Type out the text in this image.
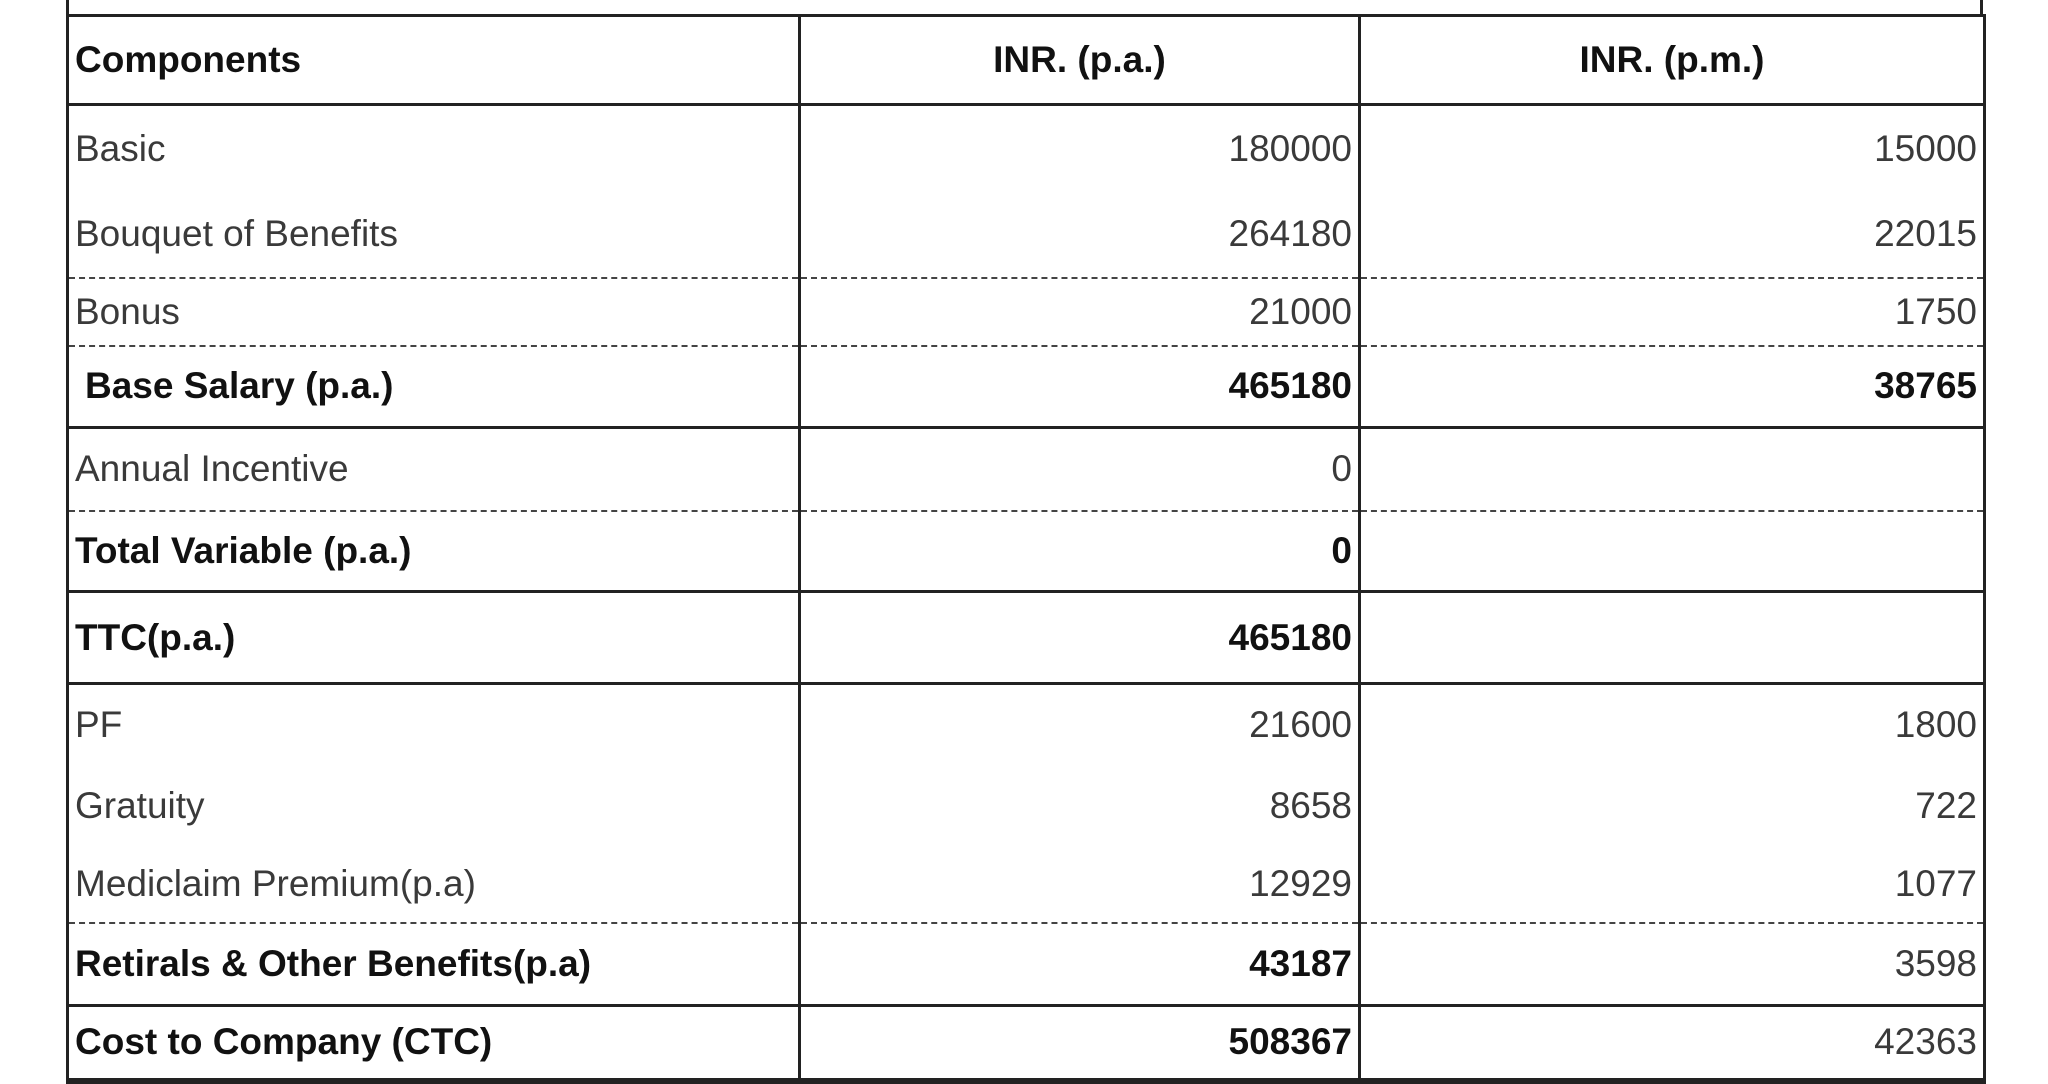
Components	INR. (p.a.)	INR. (p.m.)
Basic	180000	15000
Bouquet of Benefits	264180	22015
Bonus	21000	1750
Base Salary (p.a.)	465180	38765
Annual Incentive	0	
Total Variable (p.a.)	0	
TTC(p.a.)	465180	
PF	21600	1800
Gratuity	8658	722
Mediclaim Premium(p.a)	12929	1077
Retirals & Other Benefits(p.a)	43187	3598
Cost to Company (CTC)	508367	42363
